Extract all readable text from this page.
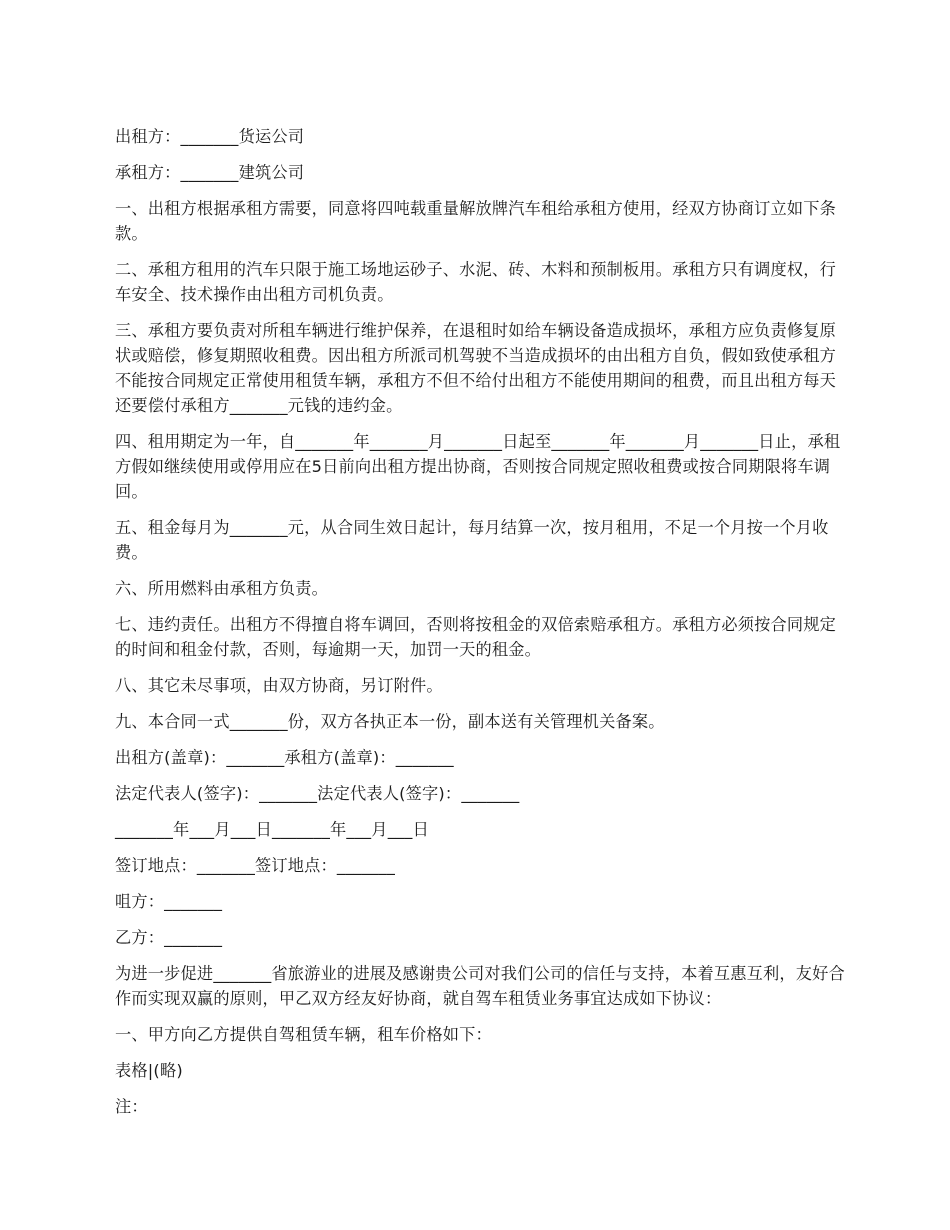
出租方：_______货运公司

承租方：_______建筑公司

一、出租方根据承租方需要，同意将四吨载重量解放牌汽车租给承租方使用，经双方协商订立如下条款。

二、承租方租用的汽车只限于施工场地运砂子、水泥、砖、木料和预制板用。承租方只有调度权，行车安全、技术操作由出租方司机负责。

三、承租方要负责对所租车辆进行维护保养，在退租时如给车辆设备造成损坏，承租方应负责修复原状或赔偿，修复期照收租费。因出租方所派司机驾驶不当造成损坏的由出租方自负，假如致使承租方不能按合同规定正常使用租赁车辆，承租方不但不给付出租方不能使用期间的租费，而且出租方每天还要偿付承租方_______元钱的违约金。

四、租用期定为一年，自_______年_______月_______日起至_______年_______月_______日止，承租方假如继续使用或停用应在5日前向出租方提出协商，否则按合同规定照收租费或按合同期限将车调回。

五、租金每月为_______元，从合同生效日起计，每月结算一次，按月租用，不足一个月按一个月收费。

六、所用燃料由承租方负责。

七、违约责任。出租方不得擅自将车调回，否则将按租金的双倍索赔承租方。承租方必须按合同规定的时间和租金付款，否则，每逾期一天，加罚一天的租金。

八、其它未尽事项，由双方协商，另订附件。

九、本合同一式_______份，双方各执正本一份，副本送有关管理机关备案。

出租方(盖章)：_______承租方(盖章)：_______

法定代表人(签字)：_______法定代表人(签字)：_______

_______年___月___日_______年___月___日

签订地点：_______签订地点：_______

咀方：_______

乙方：_______

为进一步促进_______省旅游业的进展及感谢贵公司对我们公司的信任与支持，本着互惠互利，友好合作而实现双赢的原则，甲乙双方经友好协商，就自驾车租赁业务事宜达成如下协议：

一、甲方向乙方提供自驾租赁车辆，租车价格如下：

表格|(略)

注：
